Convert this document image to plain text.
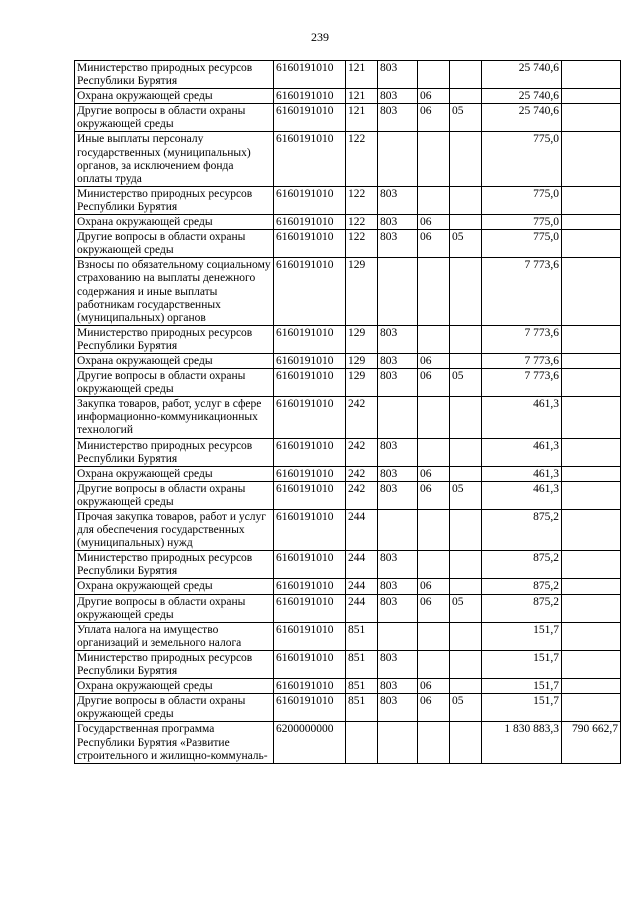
239
Министерство природных ресурсов Республики Бурятия	6160191010	121	803			25 740,6	
Охрана окружающей среды	6160191010	121	803	06		25 740,6	
Другие вопросы в области охраны окружающей среды	6160191010	121	803	06	05	25 740,6	
Иные выплаты персоналу государственных (муниципальных) органов, за исключением фонда оплаты труда	6160191010	122				775,0	
Министерство природных ресурсов Республики Бурятия	6160191010	122	803			775,0	
Охрана окружающей среды	6160191010	122	803	06		775,0	
Другие вопросы в области охраны окружающей среды	6160191010	122	803	06	05	775,0	
Взносы по обязательному социальному страхованию на выплаты денежного содержания и иные выплаты работникам государственных (муниципальных) органов	6160191010	129				7 773,6	
Министерство природных ресурсов Республики Бурятия	6160191010	129	803			7 773,6	
Охрана окружающей среды	6160191010	129	803	06		7 773,6	
Другие вопросы в области охраны окружающей среды	6160191010	129	803	06	05	7 773,6	
Закупка товаров, работ, услуг в сфере информационно-коммуникационных технологий	6160191010	242				461,3	
Министерство природных ресурсов Республики Бурятия	6160191010	242	803			461,3	
Охрана окружающей среды	6160191010	242	803	06		461,3	
Другие вопросы в области охраны окружающей среды	6160191010	242	803	06	05	461,3	
Прочая закупка товаров, работ и услуг для обеспечения государственных (муниципальных) нужд	6160191010	244				875,2	
Министерство природных ресурсов Республики Бурятия	6160191010	244	803			875,2	
Охрана окружающей среды	6160191010	244	803	06		875,2	
Другие вопросы в области охраны окружающей среды	6160191010	244	803	06	05	875,2	
Уплата налога на имущество организаций и земельного налога	6160191010	851				151,7	
Министерство природных ресурсов Республики Бурятия	6160191010	851	803			151,7	
Охрана окружающей среды	6160191010	851	803	06		151,7	
Другие вопросы в области охраны окружающей среды	6160191010	851	803	06	05	151,7	
Государственная программа Республики Бурятия «Развитие строительного и жилищно-коммуналь-	6200000000					1 830 883,3	790 662,7
